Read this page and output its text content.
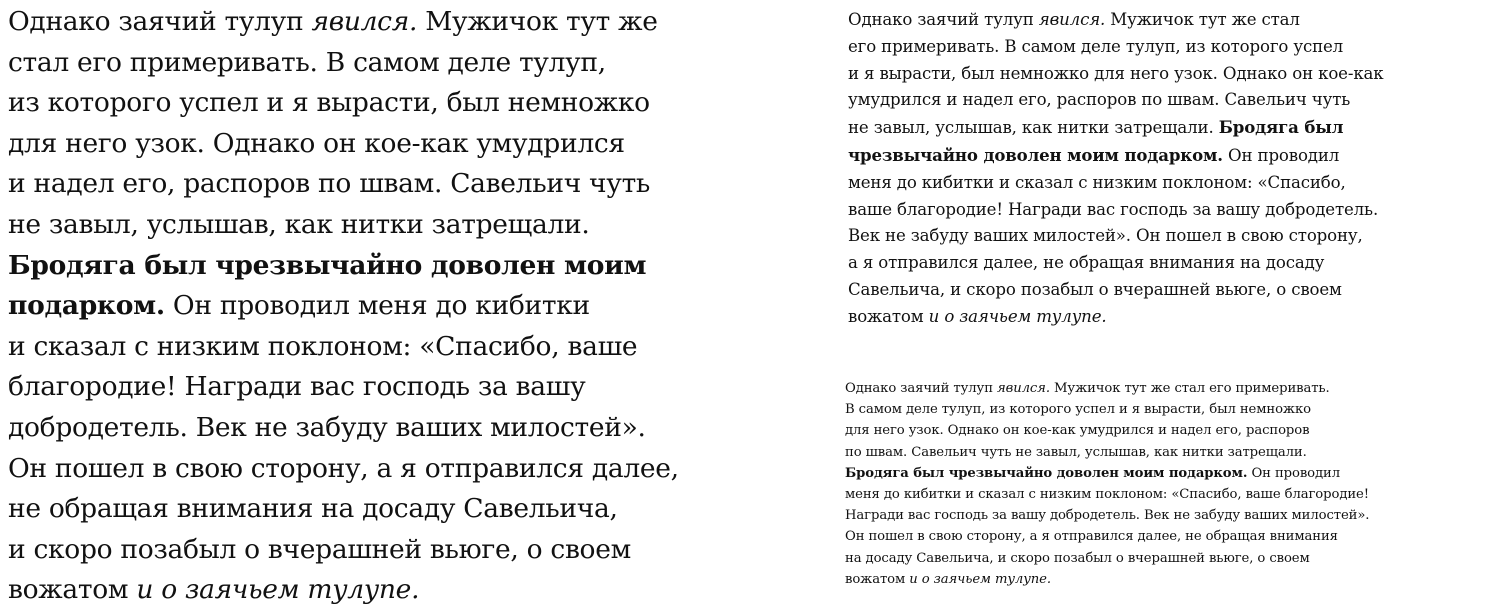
Однако заячий тулуп явился. Мужичок тут же
стал его примеривать. В самом деле тулуп,
из которого успел и я вырасти, был немножко
для него узок. Однако он кое-как умудрился
и надел его, распоров по швам. Савельич чуть
не завыл, услышав, как нитки затрещали.
Бродяга был чрезвычайно доволен моим
подарком. Он проводил меня до кибитки
и сказал с низким поклоном: «Спасибо, ваше
благородие! Награди вас господь за вашу
добродетель. Век не забуду ваших милостей».
Он пошел в свою сторону, а я отправился далее,
не обращая внимания на досаду Савельича,
и скоро позабыл о вчерашней вьюге, о своем
вожатом и о заячьем тулупе.
Однако заячий тулуп явился. Мужичок тут же стал
его примеривать. В самом деле тулуп, из которого успел
и я вырасти, был немножко для него узок. Однако он кое-как
умудрился и надел его, распоров по швам. Савельич чуть
не завыл, услышав, как нитки затрещали. Бродяга был
чрезвычайно доволен моим подарком. Он проводил
меня до кибитки и сказал с низким поклоном: «Спасибо,
ваше благородие! Награди вас господь за вашу добродетель.
Век не забуду ваших милостей». Он пошел в свою сторону,
а я отправился далее, не обращая внимания на досаду
Савельича, и скоро позабыл о вчерашней вьюге, о своем
вожатом и о заячьем тулупе.
Однако заячий тулуп явился. Мужичок тут же стал его примеривать.
В самом деле тулуп, из которого успел и я вырасти, был немножко
для него узок. Однако он кое-как умудрился и надел его, распоров
по швам. Савельич чуть не завыл, услышав, как нитки затрещали.
Бродяга был чрезвычайно доволен моим подарком. Он проводил
меня до кибитки и сказал с низким поклоном: «Спасибо, ваше благородие!
Награди вас господь за вашу добродетель. Век не забуду ваших милостей».
Он пошел в свою сторону, а я отправился далее, не обращая внимания
на досаду Савельича, и скоро позабыл о вчерашней вьюге, о своем
вожатом и о заячьем тулупе.
